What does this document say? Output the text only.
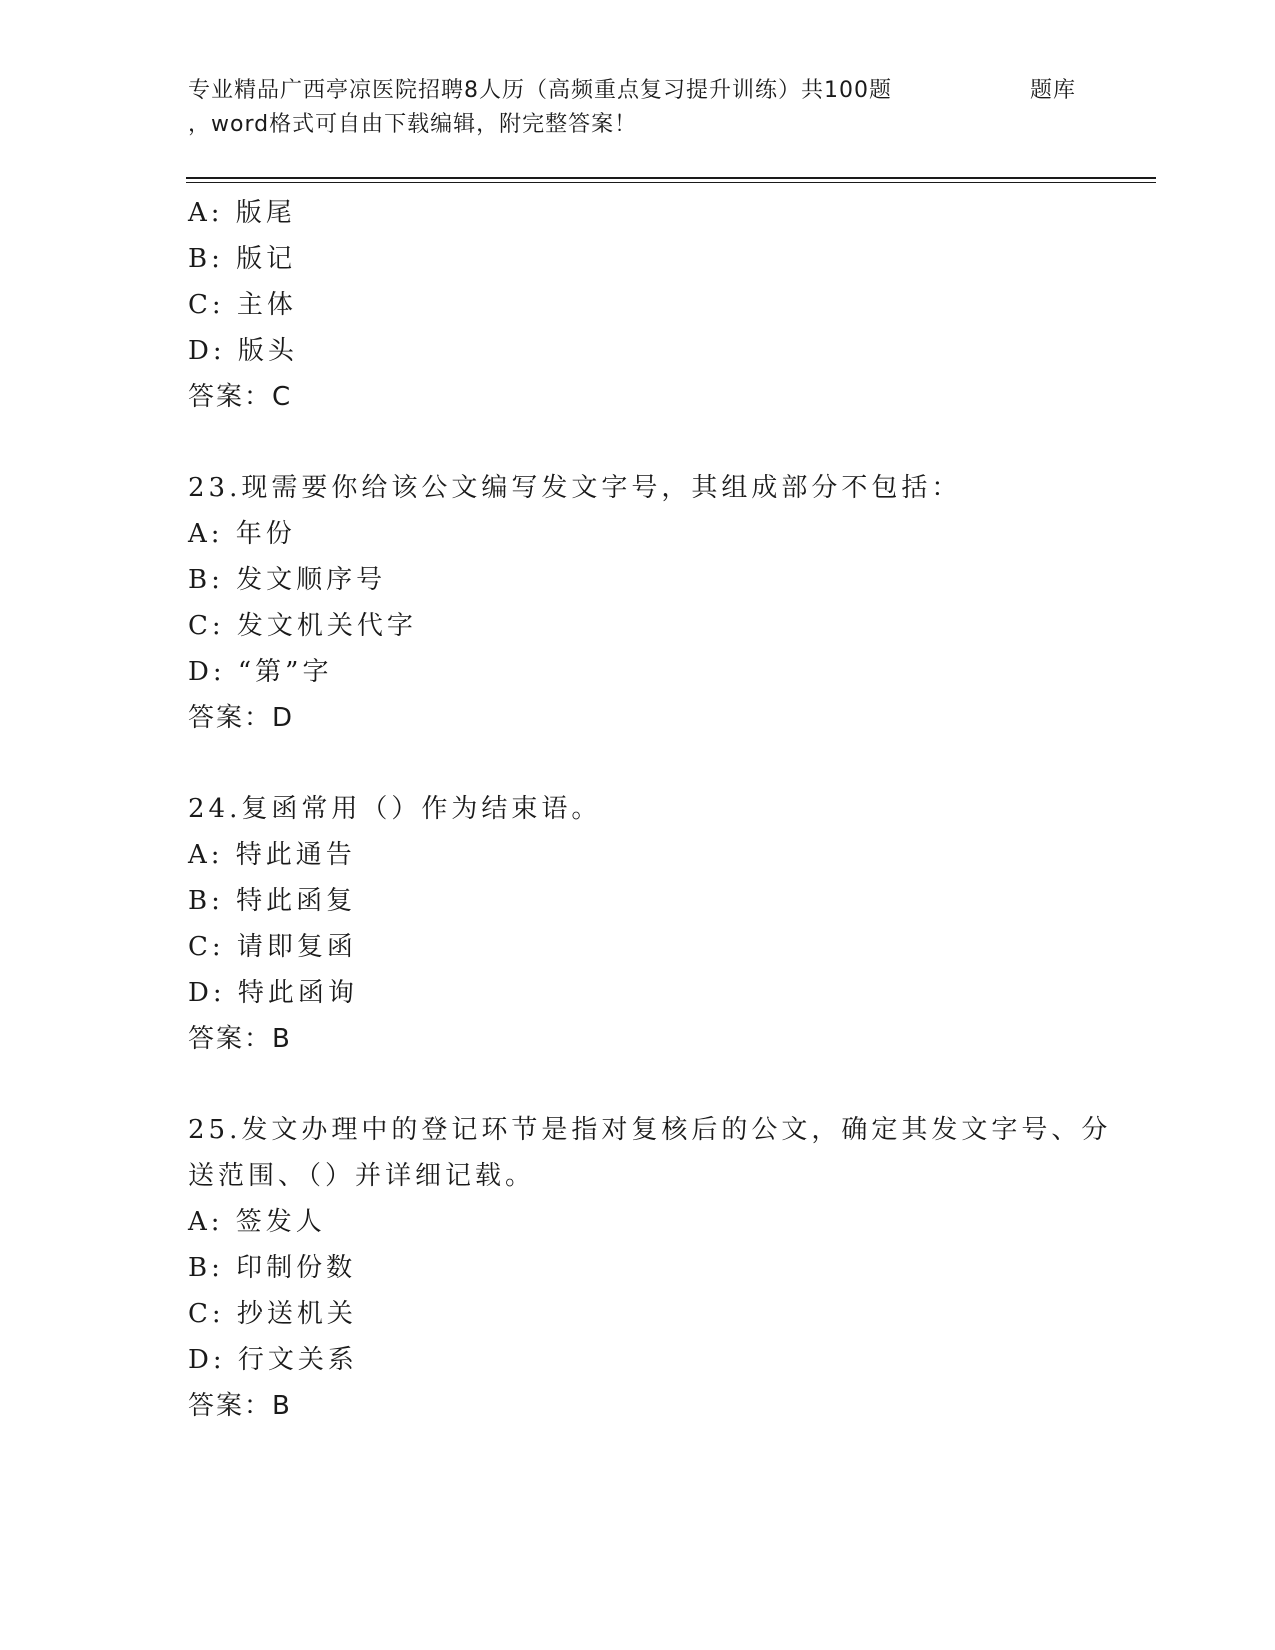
专业精品广西亭凉医院招聘8人历（高频重点复习提升训练）共100题	题库
，word格式可自由下载编辑，附完整答案！
A: 版尾
B: 版记
C: 主体
D: 版头
答案：C
23.现需要你给该公文编写发文字号，其组成部分不包括：
A: 年份
B: 发文顺序号
C: 发文机关代字
D: “第”字
答案：D
24.复函常用（）作为结束语。
A: 特此通告
B: 特此函复
C: 请即复函
D: 特此函询
答案：B
25.发文办理中的登记环节是指对复核后的公文，确定其发文字号、分
送范围、（）并详细记载。
A: 签发人
B: 印制份数
C: 抄送机关
D: 行文关系
答案：B
